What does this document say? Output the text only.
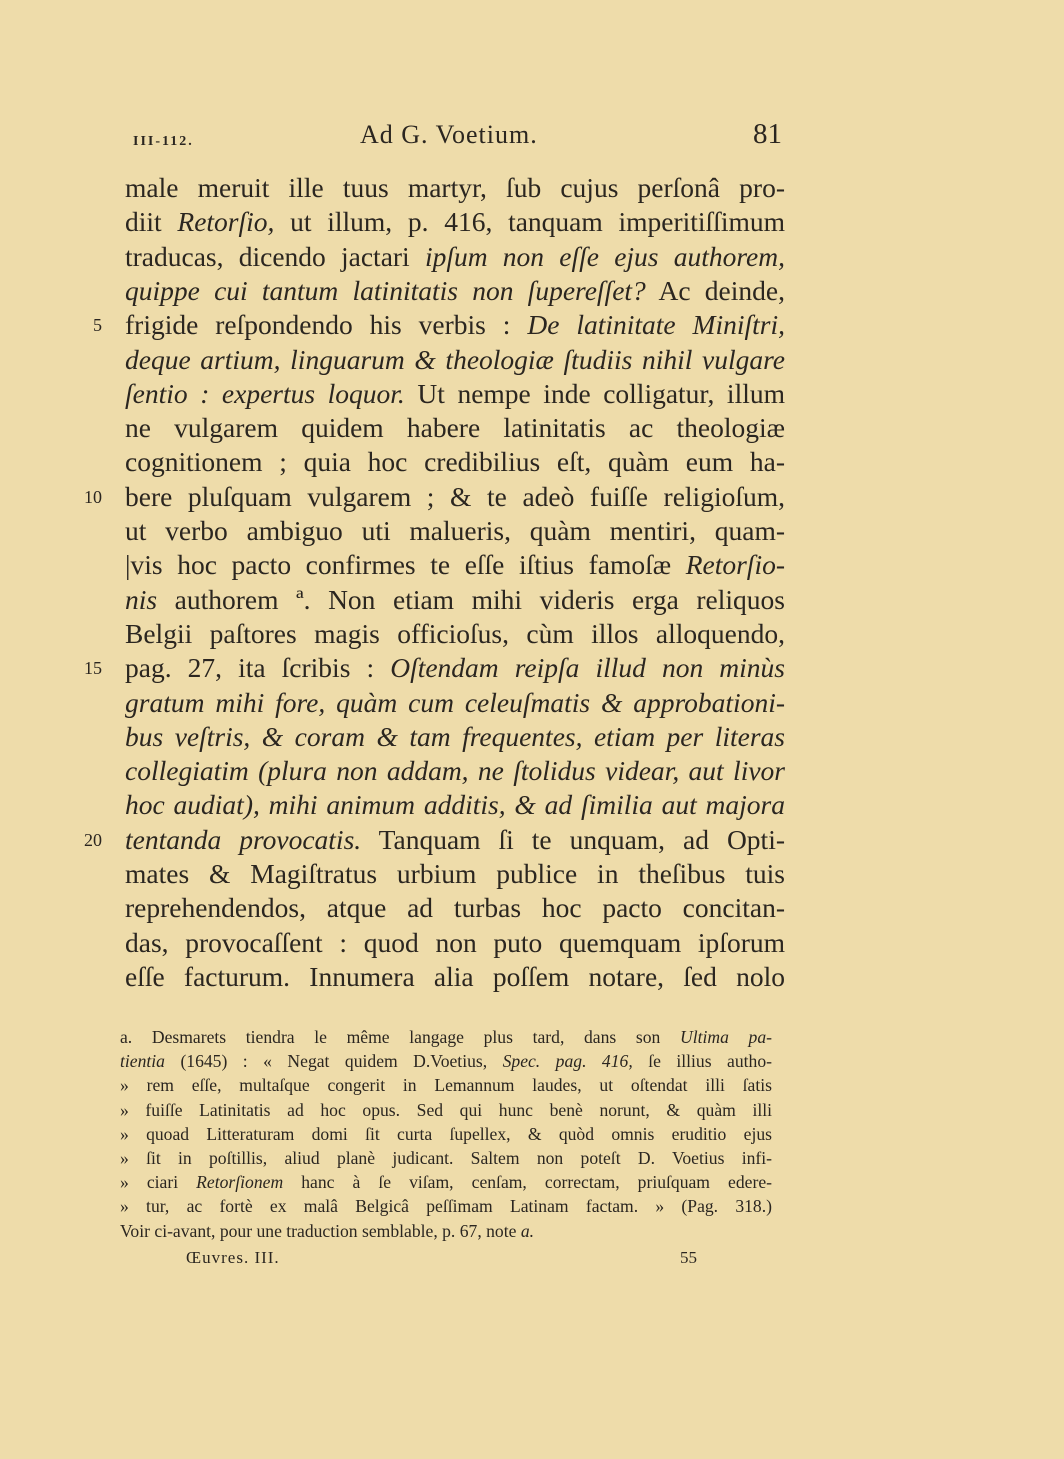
III-112.	Ad G. Voetium.	81
male meruit ille tuus martyr, ſub cujus perſonâ pro-
diit Retorſio, ut illum, p. 416, tanquam imperitiſſimum
traducas, dicendo jactari ipſum non eſſe ejus authorem,
quippe cui tantum latinitatis non ſupereſſet? Ac deinde,
frigide reſpondendo his verbis : De latinitate Miniſtri,
deque artium, linguarum & theologiæ ſtudiis nihil vulgare
ſentio : expertus loquor. Ut nempe inde colligatur, illum
ne vulgarem quidem habere latinitatis ac theologiæ
cognitionem ; quia hoc credibilius eſt, quàm eum ha-
bere pluſquam vulgarem ; & te adeò fuiſſe religioſum,
ut verbo ambiguo uti malueris, quàm mentiri, quam-
|vis hoc pacto confirmes te eſſe iſtius famoſæ Retorſio-
nis authorem ª. Non etiam mihi videris erga reliquos
Belgii paſtores magis officioſus, cùm illos alloquendo,
pag. 27, ita ſcribis : Oſtendam reipſa illud non minùs
gratum mihi fore, quàm cum celeuſmatis & approbationi-
bus veſtris, & coram & tam frequentes, etiam per literas
collegiatim (plura non addam, ne ſtolidus videar, aut livor
hoc audiat), mihi animum additis, & ad ſimilia aut majora
tentanda provocatis. Tanquam ſi te unquam, ad Opti-
mates & Magiſtratus urbium publice in theſibus tuis
reprehendendos, atque ad turbas hoc pacto concitan-
das, provocaſſent : quod non puto quemquam ipſorum
eſſe facturum. Innumera alia poſſem notare, ſed nolo
5
10
15
20
a. Desmarets tiendra le même langage plus tard, dans son Ultima pa-
tientia (1645) : « Negat quidem D.Voetius, Spec. pag. 416, ſe illius autho-
» rem eſſe, multaſque congerit in Lemannum laudes, ut oſtendat illi ſatis
» fuiſſe Latinitatis ad hoc opus. Sed qui hunc benè norunt, & quàm illi
» quoad Litteraturam domi ſit curta ſupellex, & quòd omnis eruditio ejus
» ſit in poſtillis, aliud planè judicant. Saltem non poteſt D. Voetius infi-
» ciari Retorſionem hanc à ſe viſam, cenſam, correctam, priuſquam edere-
» tur, ac fortè ex malâ Belgicâ peſſimam Latinam factam. » (Pag. 318.)
Voir ci-avant, pour une traduction semblable, p. 67, note a.
Œuvres. III.	55
